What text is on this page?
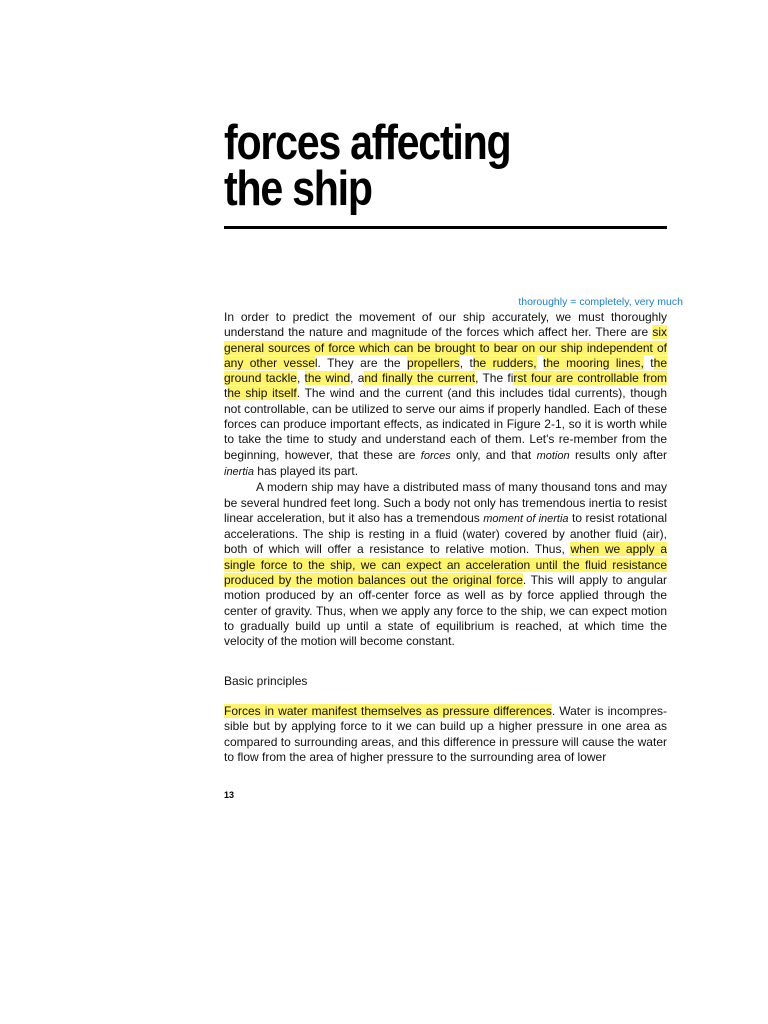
forces affecting
the ship
thoroughly = completely, very much

In order to predict the movement of our ship accurately, we must thoroughly understand the nature and magnitude of the forces which affect her. There are six general sources of force which can be brought to bear on our ship independent of any other vessel. They are the propellers, the rudders, the mooring lines, the ground tackle, the wind, and finally the current, The first four are controllable from the ship itself. The wind and the current (and this includes tidal currents), though not controllable, can be utilized to serve our aims if properly handled. Each of these forces can produce important effects, as indicated in Figure 2-1, so it is worth while to take the time to study and understand each of them. Let's re-member from the beginning, however, that these are forces only, and that motion results only after inertia has played its part.

A modern ship may have a distributed mass of many thousand tons and may be several hundred feet long. Such a body not only has tremendous inertia to resist linear acceleration, but it also has a tremendous moment of inertia to resist rotational accelerations. The ship is resting in a fluid (water) covered by another fluid (air), both of which will offer a resistance to relative motion. Thus, when we apply a single force to the ship, we can expect an acceleration until the fluid resistance produced by the motion balances out the original force. This will apply to angular motion produced by an off-center force as well as by force applied through the center of gravity. Thus, when we apply any force to the ship, we can expect motion to gradually build up until a state of equilibrium is reached, at which time the velocity of the motion will become constant.

Basic principles

Forces in water manifest themselves as pressure differences. Water is incompres-sible but by applying force to it we can build up a higher pressure in one area as compared to surrounding areas, and this difference in pressure will cause the water to flow from the area of higher pressure to the surrounding area of lower

13
